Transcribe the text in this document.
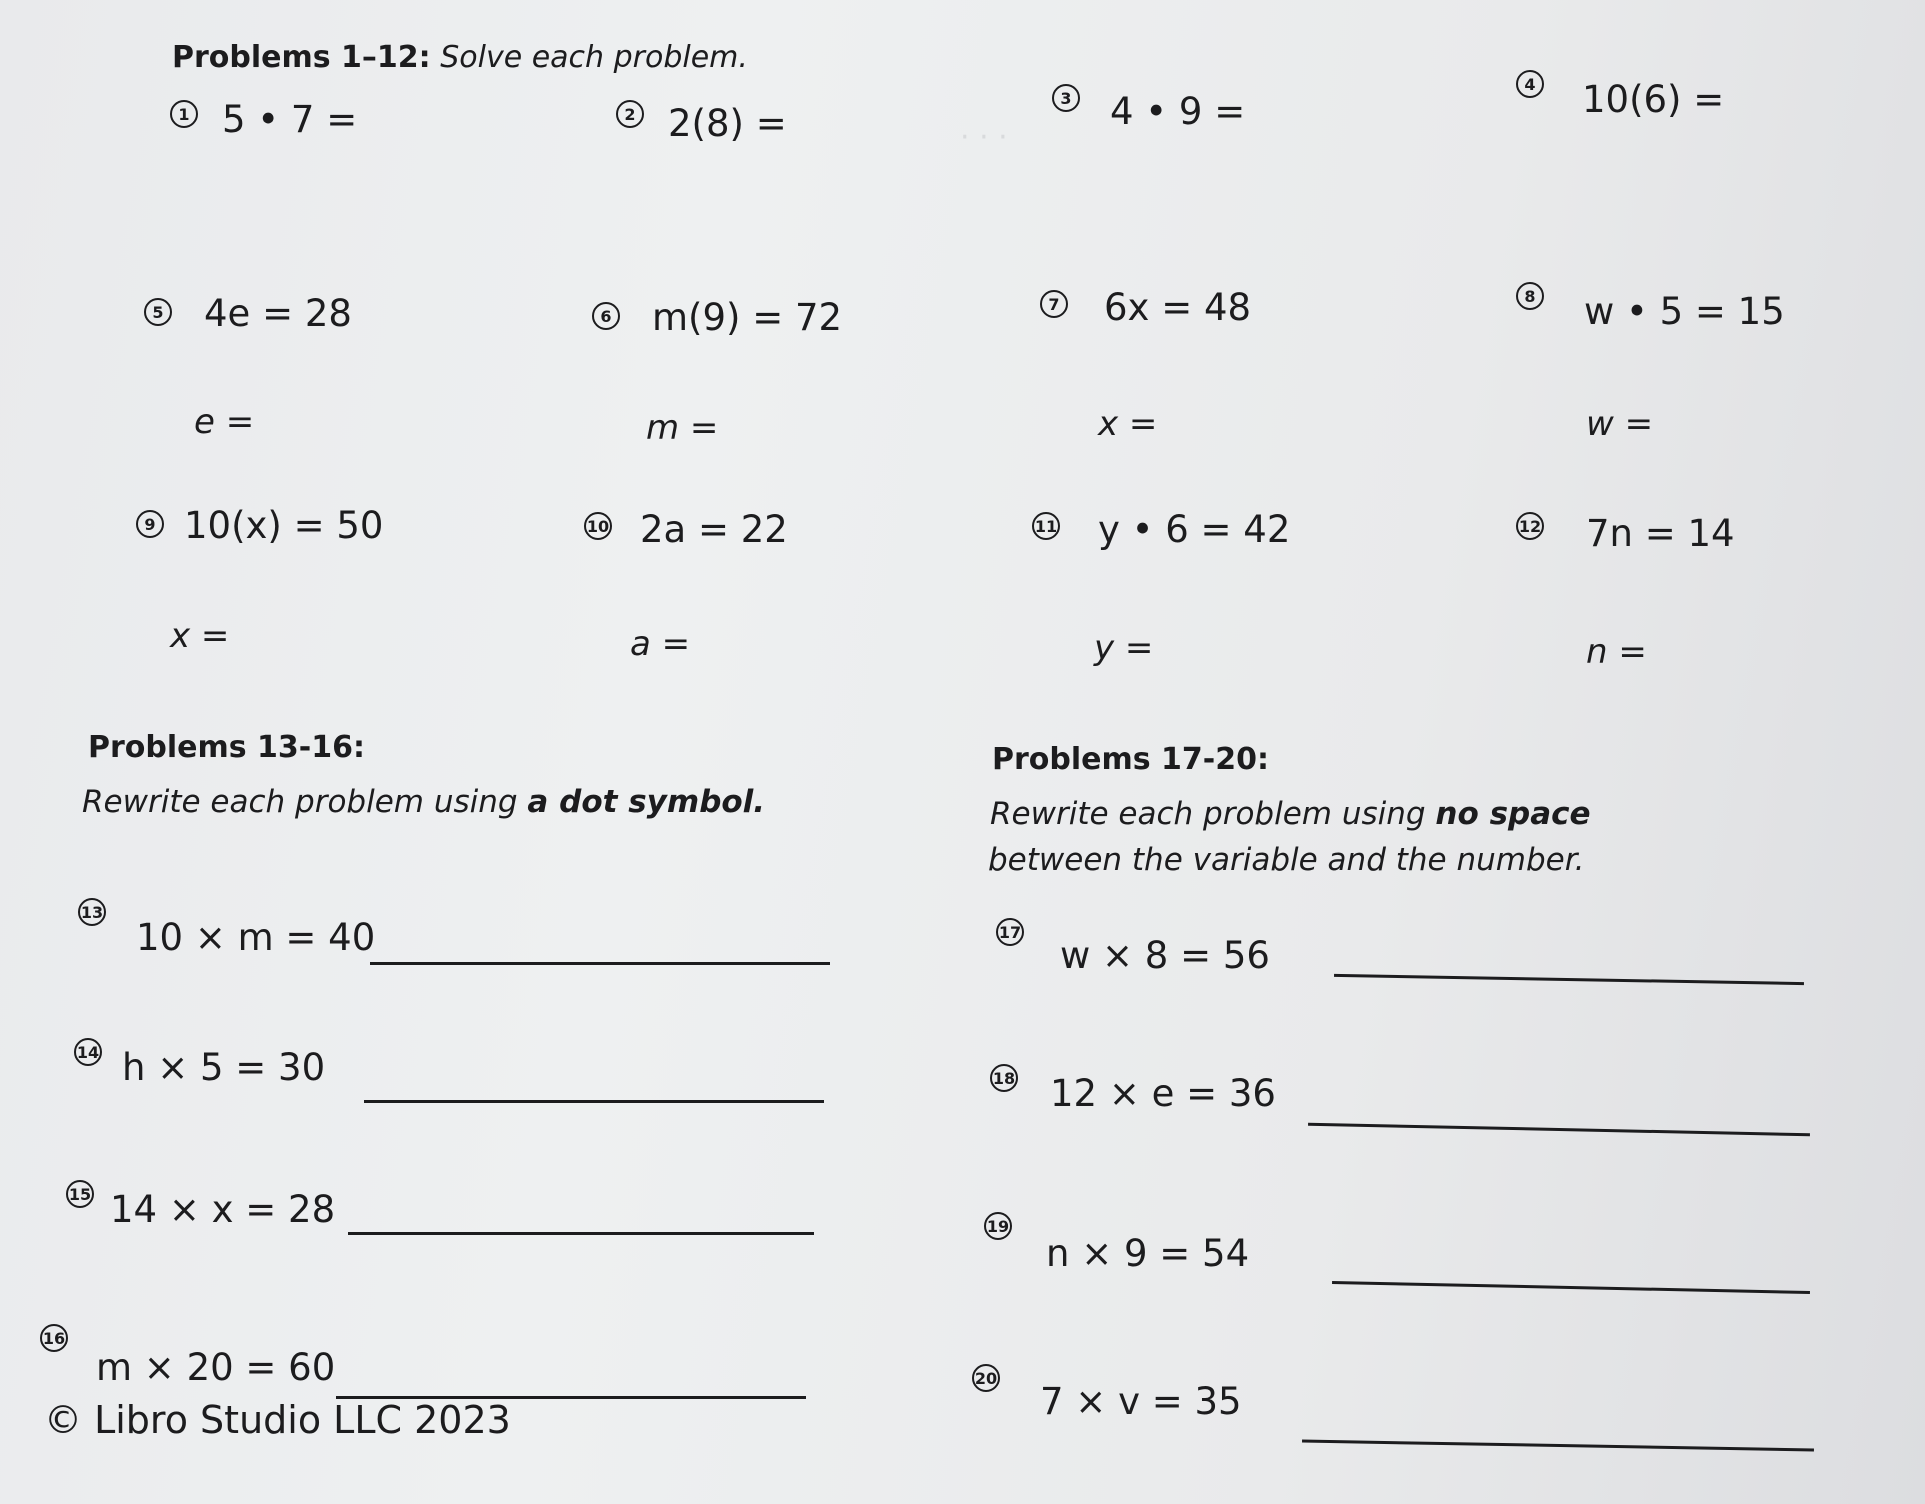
· · ·
Problems 1–12: Solve each problem.
1 5 • 7 =	2 2(8) =
3 4 • 9 =
4 10(6) =
5 4e = 28
e =
6 m(9) = 72
m =
7 6x = 48
x =
8 w • 5 = 15
w =
9 10(x) = 50
x =
10 2a = 22
a =
11 y • 6 = 42
y =
12 7n = 14
n =
Problems 13-16:
Rewrite each problem using a dot symbol.
Problems 17-20:
Rewrite each problem using no space
between the variable and the number.
13
10 × m = 40
14 h × 5 = 30
15 14 × x = 28
16
m × 20 = 60
17
w × 8 = 56
18 12 × e = 36
19
n × 9 = 54
20
7 × v = 35
© Libro Studio LLC 2023
